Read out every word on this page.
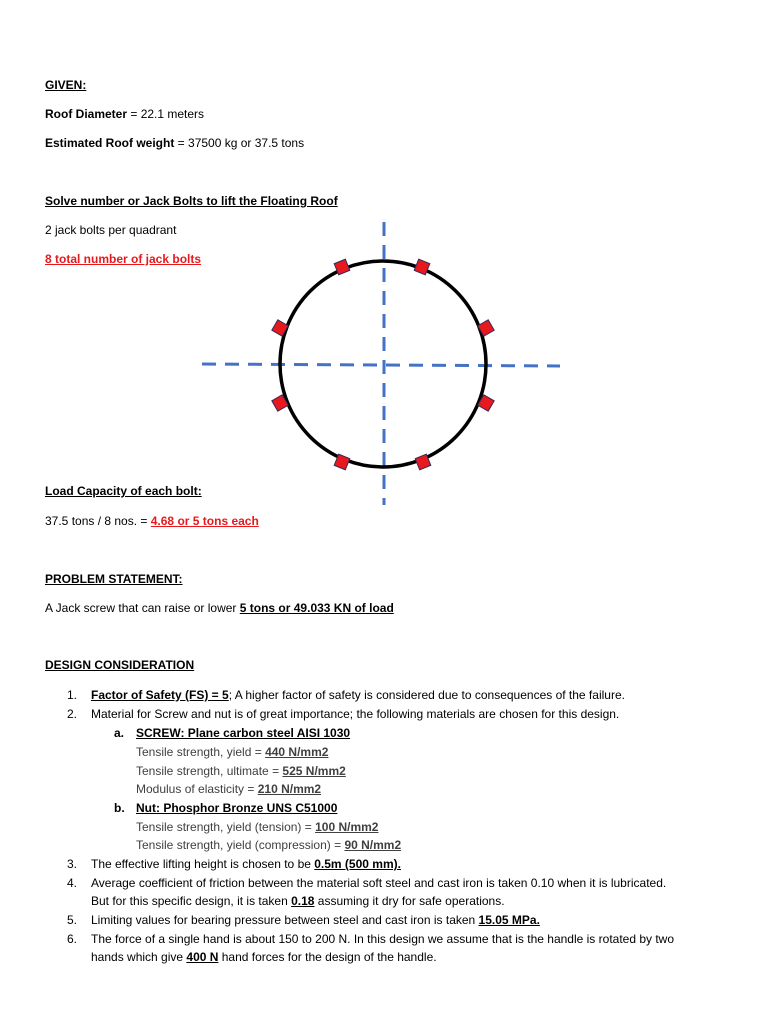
GIVEN:
Roof Diameter = 22.1 meters
Estimated Roof weight = 37500 kg or 37.5 tons
Solve number or Jack Bolts to lift the Floating Roof
2 jack bolts per quadrant
8 total number of jack bolts
Load Capacity of each bolt:
37.5 tons / 8 nos. = 4.68 or 5 tons each
PROBLEM STATEMENT:
A Jack screw that can raise or lower 5 tons or 49.033 KN of load
DESIGN CONSIDERATION
1. Factor of Safety (FS) = 5; A higher factor of safety is considered due to consequences of the failure.
2. Material for Screw and nut is of great importance; the following materials are chosen for this design.
a. SCREW: Plane carbon steel AISI 1030
Tensile strength, yield = 440 N/mm2
Tensile strength, ultimate = 525 N/mm2
Modulus of elasticity = 210 N/mm2
b. Nut: Phosphor Bronze UNS C51000
Tensile strength, yield (tension) = 100 N/mm2
Tensile strength, yield (compression) = 90 N/mm2
3. The effective lifting height is chosen to be 0.5m (500 mm).
4. Average coefficient of friction between the material soft steel and cast iron is taken 0.10 when it is lubricated.
But for this specific design, it is taken 0.18 assuming it dry for safe operations.
5. Limiting values for bearing pressure between steel and cast iron is taken 15.05 MPa.
6. The force of a single hand is about 150 to 200 N. In this design we assume that is the handle is rotated by two
hands which give 400 N hand forces for the design of the handle.
